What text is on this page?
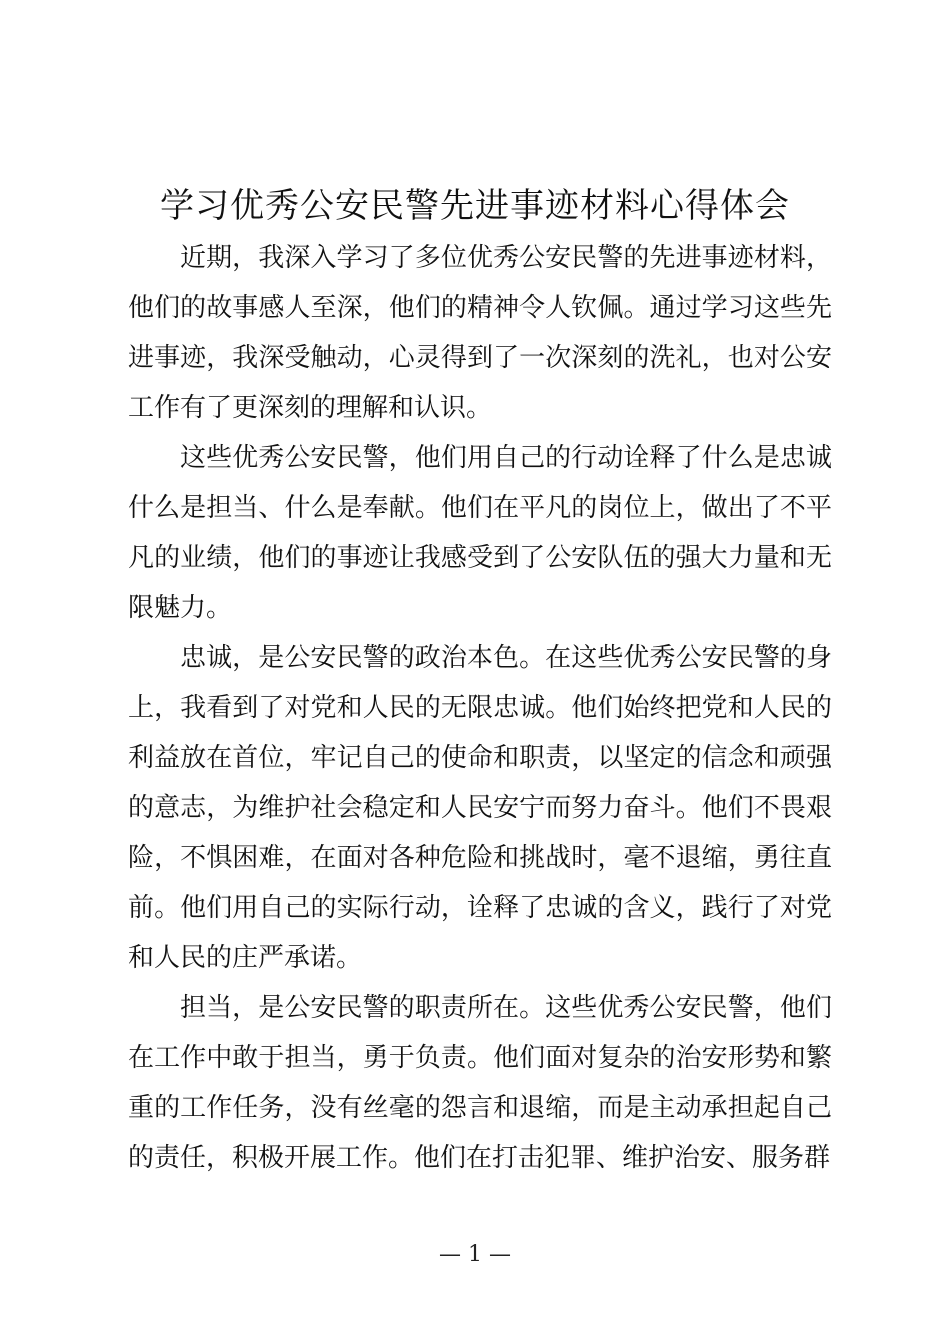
学习优秀公安民警先进事迹材料心得体会

近期，我深入学习了多位优秀公安民警的先进事迹材料，他们的故事感人至深，他们的精神令人钦佩。通过学习这些先进事迹，我深受触动，心灵得到了一次深刻的洗礼，也对公安工作有了更深刻的理解和认识。

这些优秀公安民警，他们用自己的行动诠释了什么是忠诚什么是担当、什么是奉献。他们在平凡的岗位上，做出了不平凡的业绩，他们的事迹让我感受到了公安队伍的强大力量和无限魅力。

忠诚，是公安民警的政治本色。在这些优秀公安民警的身上，我看到了对党和人民的无限忠诚。他们始终把党和人民的利益放在首位，牢记自己的使命和职责，以坚定的信念和顽强的意志，为维护社会稳定和人民安宁而努力奋斗。他们不畏艰险，不惧困难，在面对各种危险和挑战时，毫不退缩，勇往直前。他们用自己的实际行动，诠释了忠诚的含义，践行了对党和人民的庄严承诺。

担当，是公安民警的职责所在。这些优秀公安民警，他们在工作中敢于担当，勇于负责。他们面对复杂的治安形势和繁重的工作任务，没有丝毫的怨言和退缩，而是主动承担起自己的责任，积极开展工作。他们在打击犯罪、维护治安、服务群

— 1 —
